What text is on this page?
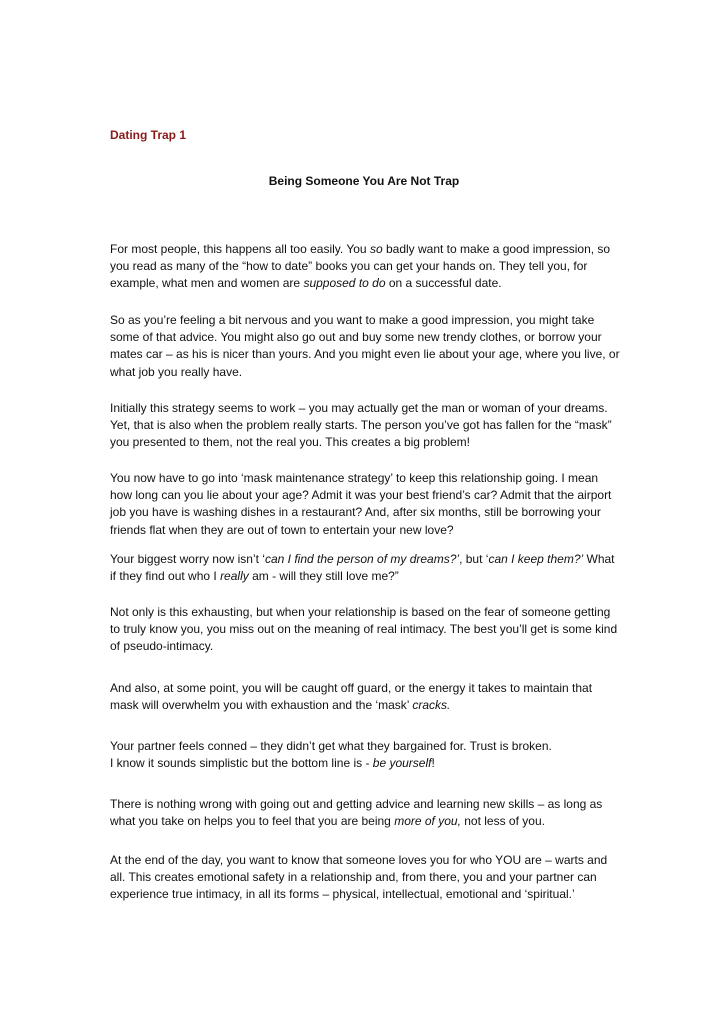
Dating Trap 1

Being Someone You Are Not Trap

For most people, this happens all too easily. You so badly want to make a good impression, so you read as many of the “how to date” books you can get your hands on. They tell you, for example, what men and women are supposed to do on a successful date.

So as you’re feeling a bit nervous and you want to make a good impression, you might take some of that advice. You might also go out and buy some new trendy clothes, or borrow your mates car – as his is nicer than yours. And you might even lie about your age, where you live, or what job you really have.

Initially this strategy seems to work – you may actually get the man or woman of your dreams. Yet, that is also when the problem really starts. The person you’ve got has fallen for the “mask” you presented to them, not the real you. This creates a big problem!

You now have to go into ‘mask maintenance strategy’ to keep this relationship going. I mean how long can you lie about your age? Admit it was your best friend’s car? Admit that the airport job you have is washing dishes in a restaurant? And, after six months, still be borrowing your friends flat when they are out of town to entertain your new love?

Your biggest worry now isn’t ‘can I find the person of my dreams?’, but ‘can I keep them?’ What if they find out who I really am - will they still love me?”

Not only is this exhausting, but when your relationship is based on the fear of someone getting to truly know you, you miss out on the meaning of real intimacy. The best you’ll get is some kind of pseudo-intimacy.

And also, at some point, you will be caught off guard, or the energy it takes to maintain that mask will overwhelm you with exhaustion and the ‘mask’ cracks.

Your partner feels conned – they didn’t get what they bargained for. Trust is broken.
I know it sounds simplistic but the bottom line is - be yourself!

There is nothing wrong with going out and getting advice and learning new skills – as long as what you take on helps you to feel that you are being more of you, not less of you.

At the end of the day, you want to know that someone loves you for who YOU are – warts and all. This creates emotional safety in a relationship and, from there, you and your partner can experience true intimacy, in all its forms – physical, intellectual, emotional and ‘spiritual.’
